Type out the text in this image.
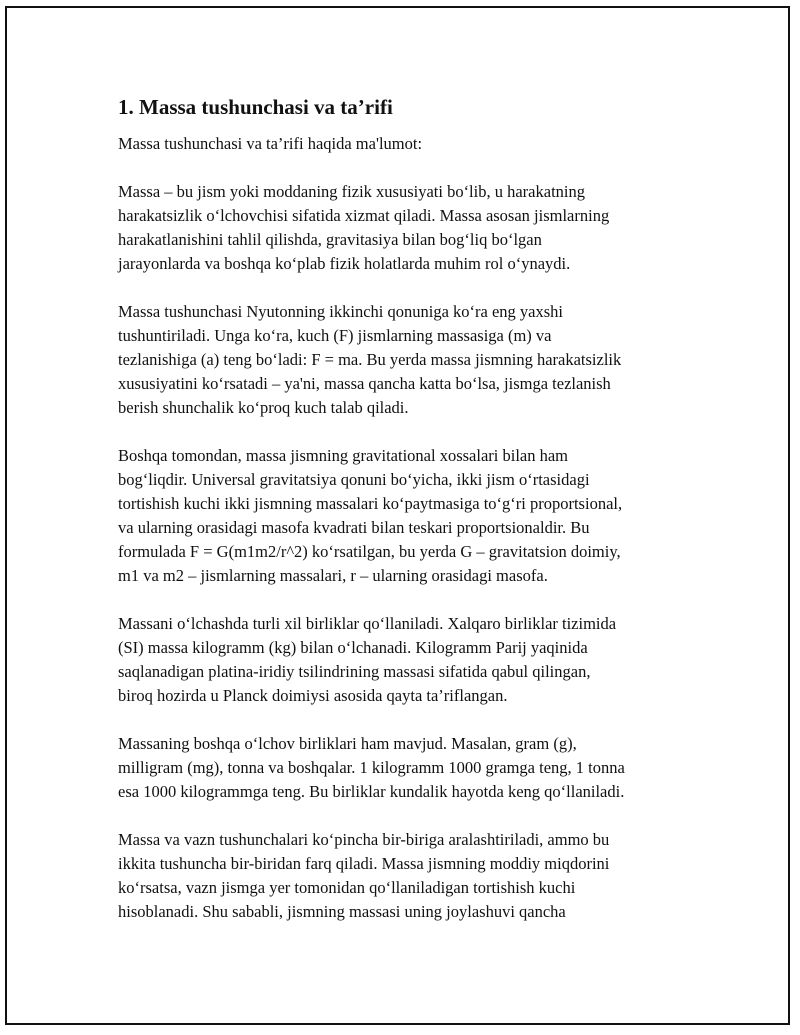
1. Massa tushunchasi va ta’rifi

Massa tushunchasi va ta’rifi haqida ma'lumot:

Massa – bu jism yoki moddaning fizik xususiyati bo‘lib, u harakatning
harakatsizlik o‘lchovchisi sifatida xizmat qiladi. Massa asosan jismlarning
harakatlanishini tahlil qilishda, gravitasiya bilan bog‘liq bo‘lgan
jarayonlarda va boshqa ko‘plab fizik holatlarda muhim rol o‘ynaydi.

Massa tushunchasi Nyutonning ikkinchi qonuniga ko‘ra eng yaxshi
tushuntiriladi. Unga ko‘ra, kuch (F) jismlarning massasiga (m) va
tezlanishiga (a) teng bo‘ladi: F = ma. Bu yerda massa jismning harakatsizlik
xususiyatini ko‘rsatadi – ya'ni, massa qancha katta bo‘lsa, jismga tezlanish
berish shunchalik ko‘proq kuch talab qiladi.

Boshqa tomondan, massa jismning gravitational xossalari bilan ham
bog‘liqdir. Universal gravitatsiya qonuni bo‘yicha, ikki jism o‘rtasidagi
tortishish kuchi ikki jismning massalari ko‘paytmasiga to‘g‘ri proportsional,
va ularning orasidagi masofa kvadrati bilan teskari proportsionaldir. Bu
formulada F = G(m1m2/r^2) ko‘rsatilgan, bu yerda G – gravitatsion doimiy,
m1 va m2 – jismlarning massalari, r – ularning orasidagi masofa.

Massani o‘lchashda turli xil birliklar qo‘llaniladi. Xalqaro birliklar tizimida
(SI) massa kilogramm (kg) bilan o‘lchanadi. Kilogramm Parij yaqinida
saqlanadigan platina-iridiy tsilindrining massasi sifatida qabul qilingan,
biroq hozirda u Planck doimiysi asosida qayta ta’riflangan.

Massaning boshqa o‘lchov birliklari ham mavjud. Masalan, gram (g),
milligram (mg), tonna va boshqalar. 1 kilogramm 1000 gramga teng, 1 tonna
esa 1000 kilogrammga teng. Bu birliklar kundalik hayotda keng qo‘llaniladi.

Massa va vazn tushunchalari ko‘pincha bir-biriga aralashtiriladi, ammo bu
ikkita tushuncha bir-biridan farq qiladi. Massa jismning moddiy miqdorini
ko‘rsatsa, vazn jismga yer tomonidan qo‘llaniladigan tortishish kuchi
hisoblanadi. Shu sababli, jismning massasi uning joylashuvi qancha
